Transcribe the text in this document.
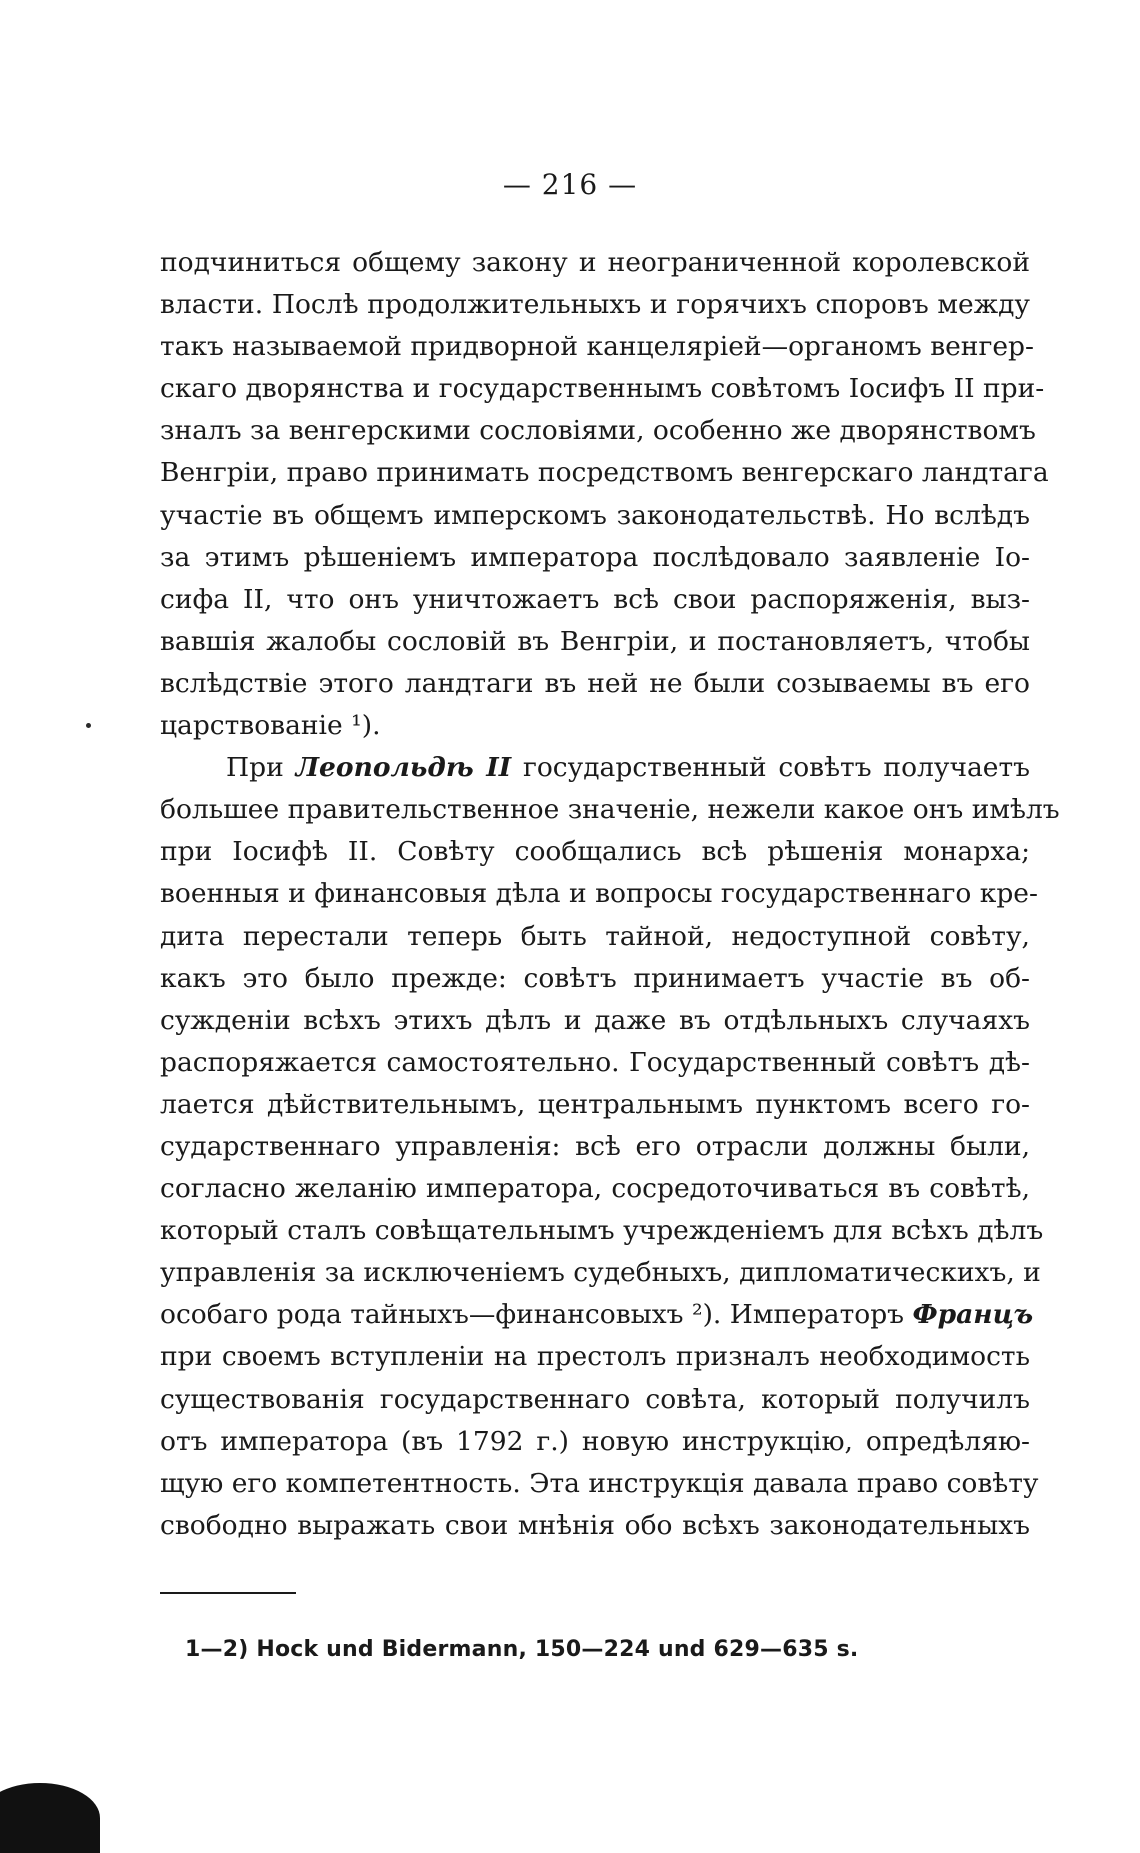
— 216 —
подчиниться общему закону и неограниченной королевской
власти. Послѣ продолжительныхъ и горячихъ споровъ между
такъ называемой придворной канцеляріей—органомъ венгер-
скаго дворянства и государственнымъ совѣтомъ Іосифъ II при-
зналъ за венгерскими сословіями, особенно же дворянствомъ
Венгріи, право принимать посредствомъ венгерскаго ландтага
участіе въ общемъ имперскомъ законодательствѣ. Но вслѣдъ
за этимъ рѣшеніемъ императора послѣдовало заявленіе Іо-
сифа II, что онъ уничтожаетъ всѣ свои распоряженія, выз-
вавшія жалобы сословій въ Венгріи, и постановляетъ, чтобы
вслѣдствіе этого ландтаги въ ней не были созываемы въ его
царствованіе ¹).
При Леопольдѣ II государственный совѣтъ получаетъ
большее правительственное значеніе, нежели какое онъ имѣлъ
при Іосифѣ II. Совѣту сообщались всѣ рѣшенія монарха;
военныя и финансовыя дѣла и вопросы государственнаго кре-
дита перестали теперь быть тайной, недоступной совѣту,
какъ это было прежде: совѣтъ принимаетъ участіе въ об-
сужденіи всѣхъ этихъ дѣлъ и даже въ отдѣльныхъ случаяхъ
распоряжается самостоятельно. Государственный совѣтъ дѣ-
лается дѣйствительнымъ, центральнымъ пунктомъ всего го-
сударственнаго управленія: всѣ его отрасли должны были,
согласно желанію императора, сосредоточиваться въ совѣтѣ,
который сталъ совѣщательнымъ учрежденіемъ для всѣхъ дѣлъ
управленія за исключеніемъ судебныхъ, дипломатическихъ, и
особаго рода тайныхъ—финансовыхъ ²). Императоръ Францъ
при своемъ вступленіи на престолъ призналъ необходимость
существованія государственнаго совѣта, который получилъ
отъ императора (въ 1792 г.) новую инструкцію, опредѣляю-
щую его компетентность. Эта инструкція давала право совѣту
свободно выражать свои мнѣнія обо всѣхъ законодательныхъ
1—2) Hock und Bidermann, 150—224 und 629—635 s.
